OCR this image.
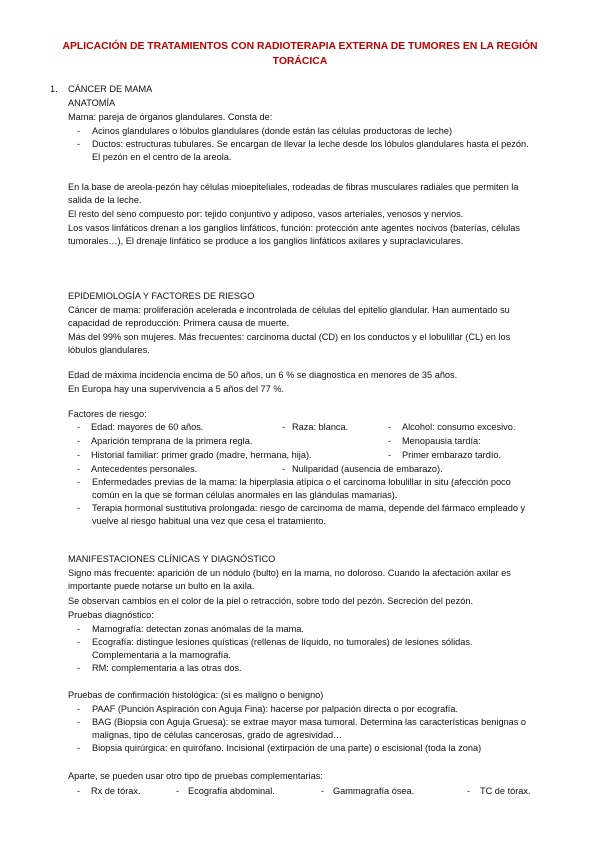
APLICACIÓN DE TRATAMIENTOS CON RADIOTERAPIA EXTERNA DE TUMORES EN LA REGIÓN TORÁCICA
1. CÁNCER DE MAMA
ANATOMÍA
Mama: pareja de órganos glandulares. Consta de:
- Acinos glandulares o lóbulos glandulares (donde están las células productoras de leche)
- Ductos: estructuras tubulares. Se encargan de llevar la leche desde los lóbulos glandulares hasta el pezón. El pezón en el centro de la areola.
En la base de areola-pezón hay células mioepiteliales, rodeadas de fibras musculares radiales que permiten la salida de la leche.
El resto del seno compuesto por: tejido conjuntivo y adiposo, vasos arteriales, venosos y nervios.
Los vasos linfáticos drenan a los ganglios linfáticos, función: protección ante agentes nocivos (baterías, células tumorales…), El drenaje linfático se produce a los ganglios linfáticos axilares y supraclaviculares.
EPIDEMIOLOGÍA Y FACTORES DE RIESGO
Cáncer de mama: proliferación acelerada e incontrolada de células del epitelio glandular. Han aumentado su capacidad de reproducción. Primera causa de muerte.
Más del 99% son mujeres. Más frecuentes: carcinoma ductal (CD) en los conductos y el lobulillar (CL) en los lóbulos glandulares.
Edad de máxima incidencia encima de 50 años, un 6 % se diagnostica en menores de 35 años.
En Europa hay una supervivencia a 5 años del 77 %.
Factores de riesgo:
- Edad: mayores de 60 años.	- Raza: blanca.	- Alcohol: consumo excesivo.
- Aparición temprana de la primera regla.	- Menopausia tardía:
- Historial familiar: primer grado (madre, hermana, hija).	- Primer embarazo tardío.
- Antecedentes personales.	- Nuliparidad (ausencia de embarazo).
- Enfermedades previas de la mama: la hiperplasia atípica o el carcinoma lobulillar in situ (afección poco común en la que se forman células anormales en las glándulas mamarias).
- Terapia hormonal sustitutiva prolongada: riesgo de carcinoma de mama, depende del fármaco empleado y vuelve al riesgo habitual una vez que cesa el tratamiento.
MANIFESTACIONES CLÍNICAS Y DIAGNÓSTICO
Signo más frecuente: aparición de un nódulo (bulto) en la mama, no doloroso. Cuando la afectación axilar es importante puede notarse un bulto en la axila.
Se observan cambios en el color de la piel o retracción, sobre todo del pezón. Secreción del pezón.
Pruebas diagnóstico:
- Mamografía: detectan zonas anómalas de la mama.
- Ecografía: distingue lesiones quísticas (rellenas de líquido, no tumorales) de lesiones sólidas. Complementaria a la mamografía.
- RM: complementaria a las otras dos.
Pruebas de confirmación histológica: (si es maligno o benigno)
- PAAF (Punción Aspiración con Aguja Fina): hacerse por palpación directa o por ecografía.
- BAG (Biopsia con Aguja Gruesa): se extrae mayor masa tumoral. Determina las características benignas o malignas, tipo de células cancerosas, grado de agresividad…
- Biopsia quirúrgica: en quirófano. Incisional (extirpación de una parte) o escisional (toda la zona)
Aparte, se pueden usar otro tipo de pruebas complementarias:
- Rx de tórax.	- Ecografía abdominal.	- Gammagrafía ósea.	- TC de tórax.
